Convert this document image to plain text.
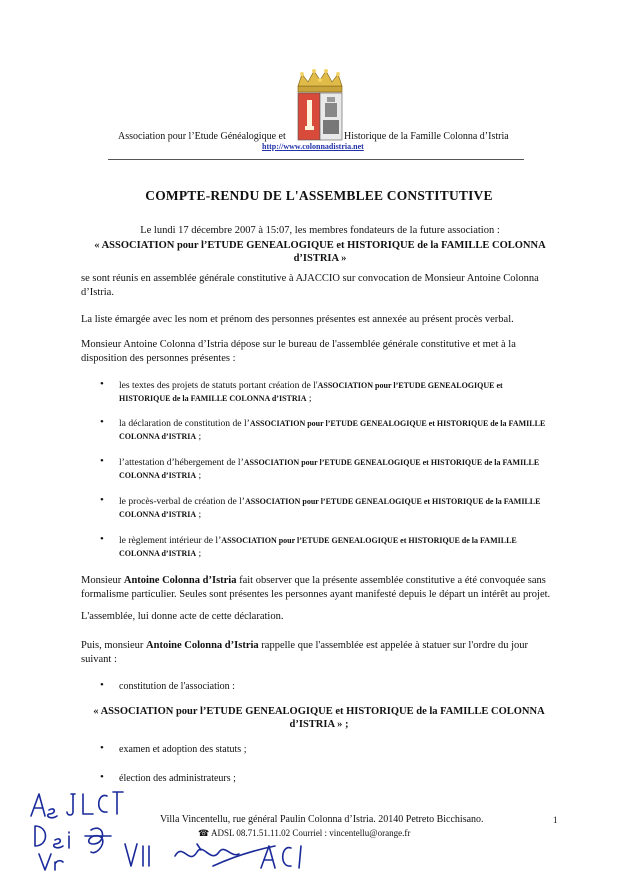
Association pour l’Etude Généalogique et	Historique de la Famille Colonna d’Istria
http://www.colonnadistria.net
COMPTE-RENDU DE L'ASSEMBLEE CONSTITUTIVE
Le lundi 17 décembre 2007 à 15:07, les membres fondateurs de la future association :
« ASSOCIATION pour l’ETUDE GENEALOGIQUE et HISTORIQUE de la FAMILLE COLONNA d’ISTRIA »
se sont réunis en assemblée générale constitutive à AJACCIO sur convocation de Monsieur Antoine Colonna d’Istria.
La liste émargée avec les nom et prénom des personnes présentes est annexée au présent procès verbal.
Monsieur Antoine Colonna d’Istria dépose sur le bureau de l'assemblée générale constitutive et met à la disposition des personnes présentes :
•	les textes des projets de statuts portant création de l'ASSOCIATION pour l’ETUDE GENEALOGIQUE et HISTORIQUE de la FAMILLE COLONNA d’ISTRIA ;
•	la déclaration de constitution de l’ASSOCIATION pour l’ETUDE GENEALOGIQUE et HISTORIQUE de la FAMILLE COLONNA d’ISTRIA ;
•	l’attestation d’hébergement de l’ASSOCIATION pour l’ETUDE GENEALOGIQUE et HISTORIQUE de la FAMILLE COLONNA d’ISTRIA ;
•	le procès-verbal de création de l’ASSOCIATION pour l’ETUDE GENEALOGIQUE et HISTORIQUE de la FAMILLE COLONNA d’ISTRIA ;
•	le règlement intérieur de l’ASSOCIATION pour l’ETUDE GENEALOGIQUE et HISTORIQUE de la FAMILLE COLONNA d’ISTRIA ;
Monsieur Antoine Colonna d’Istria fait observer que la présente assemblée constitutive a été convoquée sans formalisme particulier. Seules sont présentes les personnes ayant manifesté depuis le départ un intérêt au projet.
L'assemblée, lui donne acte de cette déclaration.
Puis, monsieur Antoine Colonna d’Istria rappelle que l'assemblée est appelée à statuer sur l'ordre du jour suivant :
•	constitution de l'association :
« ASSOCIATION pour l’ETUDE GENEALOGIQUE et HISTORIQUE de la FAMILLE COLONNA d’ISTRIA » ;
•	examen et adoption des statuts ;
•	élection des administrateurs ;
Villa Vincentellu, rue général Paulin Colonna d’Istria. 20140 Petreto Bicchisano.
☎ ADSL 08.71.51.11.02 Courriel : vincentellu@orange.fr
1
